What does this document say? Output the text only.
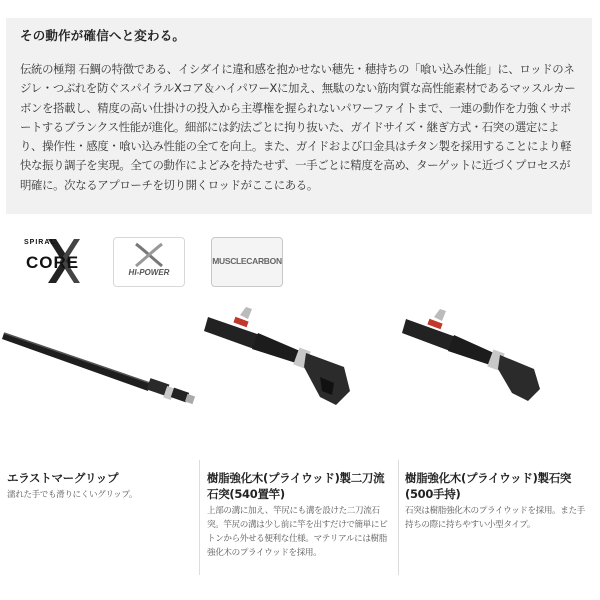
その動作が確信へと変わる。
伝統の極翔 石鯛の特徴である、イシダイに違和感を抱かせない穂先・穂持ちの「喰い込み性能」に、ロッドのネジレ・つぶれを防ぐスパイラルXコア＆ハイパワーXに加え、無駄のない筋肉質な高性能素材であるマッスルカーボンを搭載し、精度の高い仕掛けの投入から主導権を握られないパワーファイトまで、一連の動作を力強くサポートするブランクス性能が進化。細部には釣法ごとに拘り抜いた、ガイドサイズ・継ぎ方式・石突の選定により、操作性・感度・喰い込み性能の全てを向上。また、ガイドおよび口金具はチタン製を採用することにより軽快な振り調子を実現。全ての動作によどみを持たせず、一手ごとに精度を高め、ターゲットに近づくプロセスが明確に。次なるアプローチを切り開くロッドがここにある。
SPIRAL
CORE
HI-POWER
MUSCLECARBON
エラストマーグリップ
濡れた手でも滑りにくいグリップ。
樹脂強化木(プライウッド)製二刀流
石突(540置竿)
上部の溝に加え、竿尻にも溝を設けた二刀流石突。竿尻の溝は少し前に竿を出すだけで簡単にピトンから外せる便利な仕様。マテリアルには樹脂強化木のプライウッドを採用。
樹脂強化木(プライウッド)製石突
(500手持)
石突は樹脂強化木のプライウッドを採用。また手持ちの際に持ちやすい小型タイプ。
